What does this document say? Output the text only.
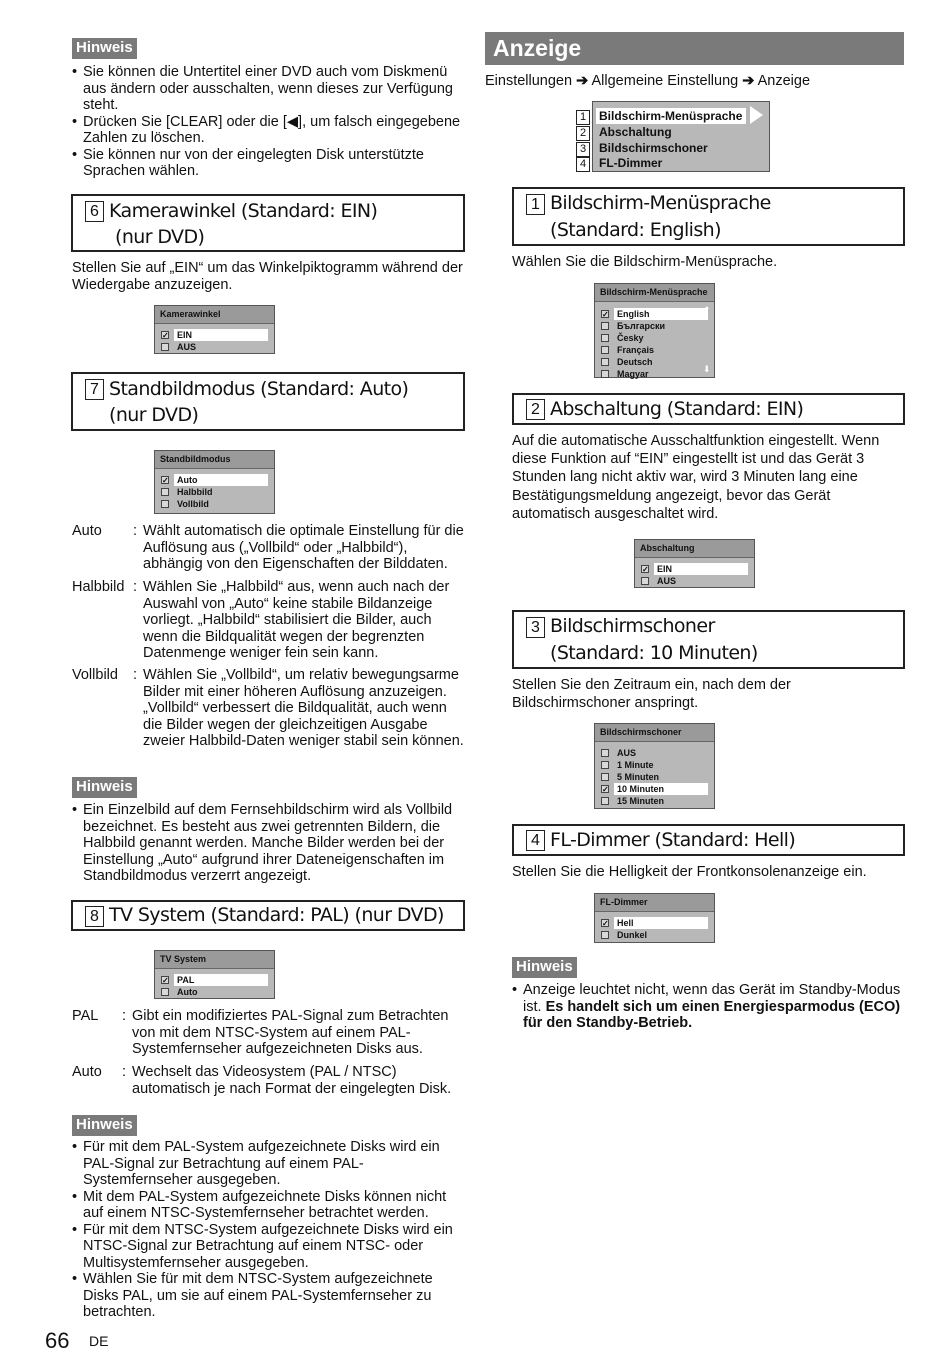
Hinweis
• Sie können die Untertitel einer DVD auch vom Diskmenü aus ändern oder ausschalten, wenn dieses zur Verfügung steht.
• Drücken Sie [CLEAR] oder die [◀], um falsch eingegebene Zahlen zu löschen.
• Sie können nur von der eingelegten Disk unterstützte Sprachen wählen.
6 Kamerawinkel (Standard: EIN)
(nur DVD)
Stellen Sie auf „EIN“ um das Winkelpiktogramm während der Wiedergabe anzuzeigen.
Kamerawinkel
✓ EIN
AUS
7 Standbildmodus (Standard: Auto)
(nur DVD)
Standbildmodus
✓ Auto
Halbbild
Vollbild
Auto : Wählt automatisch die optimale Einstellung für die Auflösung aus („Vollbild“ oder „Halbbild“), abhängig von den Eigenschaften der Bilddaten.
Halbbild : Wählen Sie „Halbbild“ aus, wenn auch nach der Auswahl von „Auto“ keine stabile Bildanzeige vorliegt. „Halbbild“ stabilisiert die Bilder, auch wenn die Bildqualität wegen der begrenzten Datenmenge weniger fein sein kann.
Vollbild : Wählen Sie „Vollbild“, um relativ bewegungsarme Bilder mit einer höheren Auflösung anzuzeigen. „Vollbild“ verbessert die Bildqualität, auch wenn die Bilder wegen der gleichzeitigen Ausgabe zweier Halbbild-Daten weniger stabil sein können.
Hinweis
• Ein Einzelbild auf dem Fernsehbildschirm wird als Vollbild bezeichnet. Es besteht aus zwei getrennten Bildern, die Halbbild genannt werden. Manche Bilder werden bei der Einstellung „Auto“ aufgrund ihrer Dateneigenschaften im Standbildmodus verzerrt angezeigt.
8 TV System (Standard: PAL) (nur DVD)
TV System
✓ PAL
Auto
PAL : Gibt ein modifiziertes PAL-Signal zum Betrachten von mit dem NTSC-System auf einem PAL-Systemfernseher aufgezeichneten Disks aus.
Auto : Wechselt das Videosystem (PAL / NTSC) automatisch je nach Format der eingelegten Disk.
Hinweis
• Für mit dem PAL-System aufgezeichnete Disks wird ein PAL-Signal zur Betrachtung auf einem PAL-Systemfernseher ausgegeben.
• Mit dem PAL-System aufgezeichnete Disks können nicht auf einem NTSC-Systemfernseher betrachtet werden.
• Für mit dem NTSC-System aufgezeichnete Disks wird ein NTSC-Signal zur Betrachtung auf einem NTSC- oder Multisystemfernseher ausgegeben.
• Wählen Sie für mit dem NTSC-System aufgezeichnete Disks PAL, um sie auf einem PAL-Systemfernseher zu betrachten.
66 DE
Anzeige
Einstellungen ➔ Allgemeine Einstellung ➔ Anzeige
1
2
3
4
Bildschirm-Menüsprache
Abschaltung
Bildschirmschoner
FL-Dimmer
1 Bildschirm-Menüsprache
(Standard: English)
Wählen Sie die Bildschirm-Menüsprache.
Bildschirm-Menüsprache
✓ English
Български
Česky
Français
Deutsch
Magyar
⬆
⬇
2 Abschaltung (Standard: EIN)
Auf die automatische Ausschaltfunktion eingestellt. Wenn diese Funktion auf “EIN” eingestellt ist und das Gerät 3 Stunden lang nicht aktiv war, wird 3 Minuten lang eine Bestätigungsmeldung angezeigt, bevor das Gerät automatisch ausgeschaltet wird.
Abschaltung
✓ EIN
AUS
3 Bildschirmschoner
(Standard: 10 Minuten)
Stellen Sie den Zeitraum ein, nach dem der Bildschirmschoner anspringt.
Bildschirmschoner
AUS
1 Minute
5 Minuten
✓ 10 Minuten
15 Minuten
4 FL-Dimmer (Standard: Hell)
Stellen Sie die Helligkeit der Frontkonsolenanzeige ein.
FL-Dimmer
✓ Hell
Dunkel
Hinweis
• Anzeige leuchtet nicht, wenn das Gerät im Standby-Modus ist. Es handelt sich um einen Energiesparmodus (ECO) für den Standby-Betrieb.
